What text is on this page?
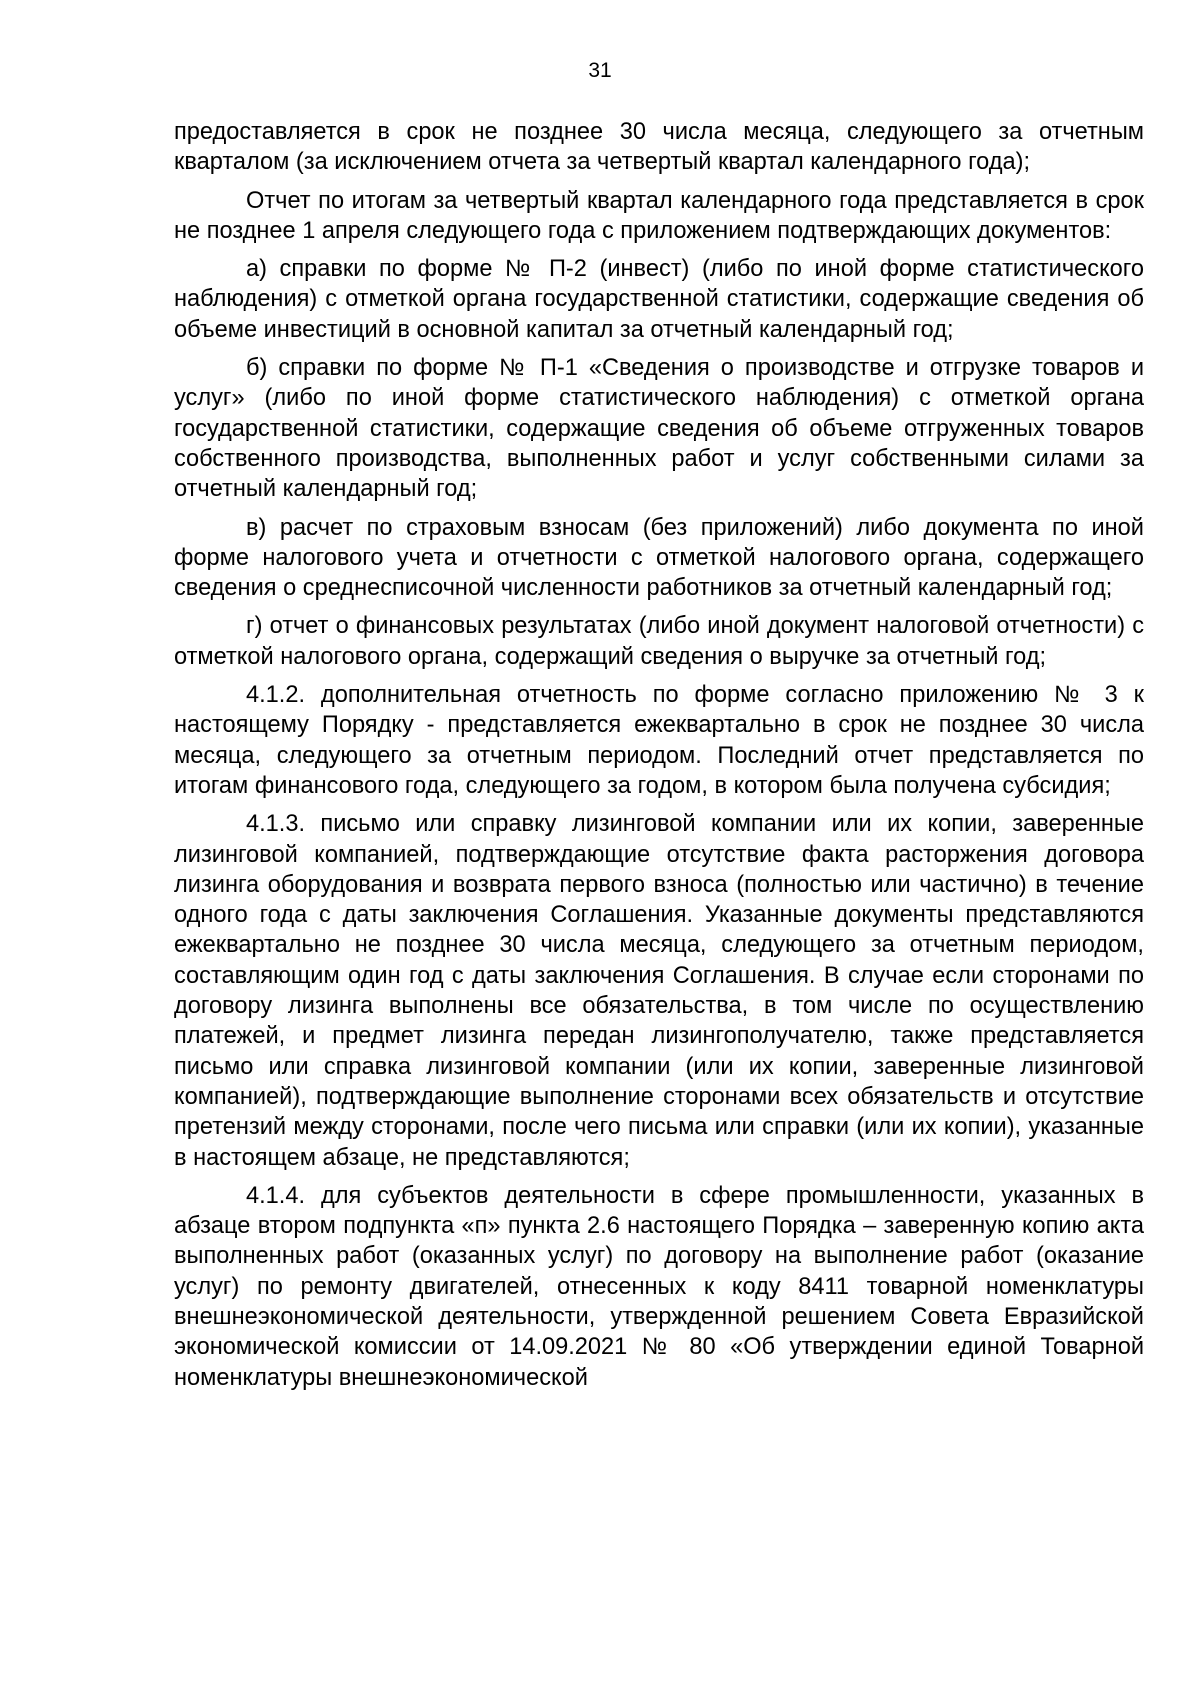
31

предоставляется в срок не позднее 30 числа месяца, следующего за отчетным кварталом (за исключением отчета за четвертый квартал календарного года);

Отчет по итогам за четвертый квартал календарного года представляется в срок не позднее 1 апреля следующего года с приложением подтверждающих документов:

а) справки по форме № П-2 (инвест) (либо по иной форме статистического наблюдения) с отметкой органа государственной статистики, содержащие сведения об объеме инвестиций в основной капитал за отчетный календарный год;

б) справки по форме № П-1 «Сведения о производстве и отгрузке товаров и услуг» (либо по иной форме статистического наблюдения) с отметкой органа государственной статистики, содержащие сведения об объеме отгруженных товаров собственного производства, выполненных работ и услуг собственными силами за отчетный календарный год;

в) расчет по страховым взносам (без приложений) либо документа по иной форме налогового учета и отчетности с отметкой налогового органа, содержащего сведения о среднесписочной численности работников за отчетный календарный год;

г) отчет о финансовых результатах (либо иной документ налоговой отчетности) с отметкой налогового органа, содержащий сведения о выручке за отчетный год;

4.1.2. дополнительная отчетность по форме согласно приложению № 3 к настоящему Порядку - представляется ежеквартально в срок не позднее 30 числа месяца, следующего за отчетным периодом. Последний отчет представляется по итогам финансового года, следующего за годом, в котором была получена субсидия;

4.1.3. письмо или справку лизинговой компании или их копии, заверенные лизинговой компанией, подтверждающие отсутствие факта расторжения договора лизинга оборудования и возврата первого взноса (полностью или частично) в течение одного года с даты заключения Соглашения. Указанные документы представляются ежеквартально не позднее 30 числа месяца, следующего за отчетным периодом, составляющим один год с даты заключения Соглашения. В случае если сторонами по договору лизинга выполнены все обязательства, в том числе по осуществлению платежей, и предмет лизинга передан лизингополучателю, также представляется письмо или справка лизинговой компании (или их копии, заверенные лизинговой компанией), подтверждающие выполнение сторонами всех обязательств и отсутствие претензий между сторонами, после чего письма или справки (или их копии), указанные в настоящем абзаце, не представляются;

4.1.4. для субъектов деятельности в сфере промышленности, указанных в абзаце втором подпункта «п» пункта 2.6 настоящего Порядка – заверенную копию акта выполненных работ (оказанных услуг) по договору на выполнение работ (оказание услуг) по ремонту двигателей, отнесенных к коду 8411 товарной номенклатуры внешнеэкономической деятельности, утвержденной решением Совета Евразийской экономической комиссии от 14.09.2021 № 80 «Об утверждении единой Товарной номенклатуры внешнеэкономической
